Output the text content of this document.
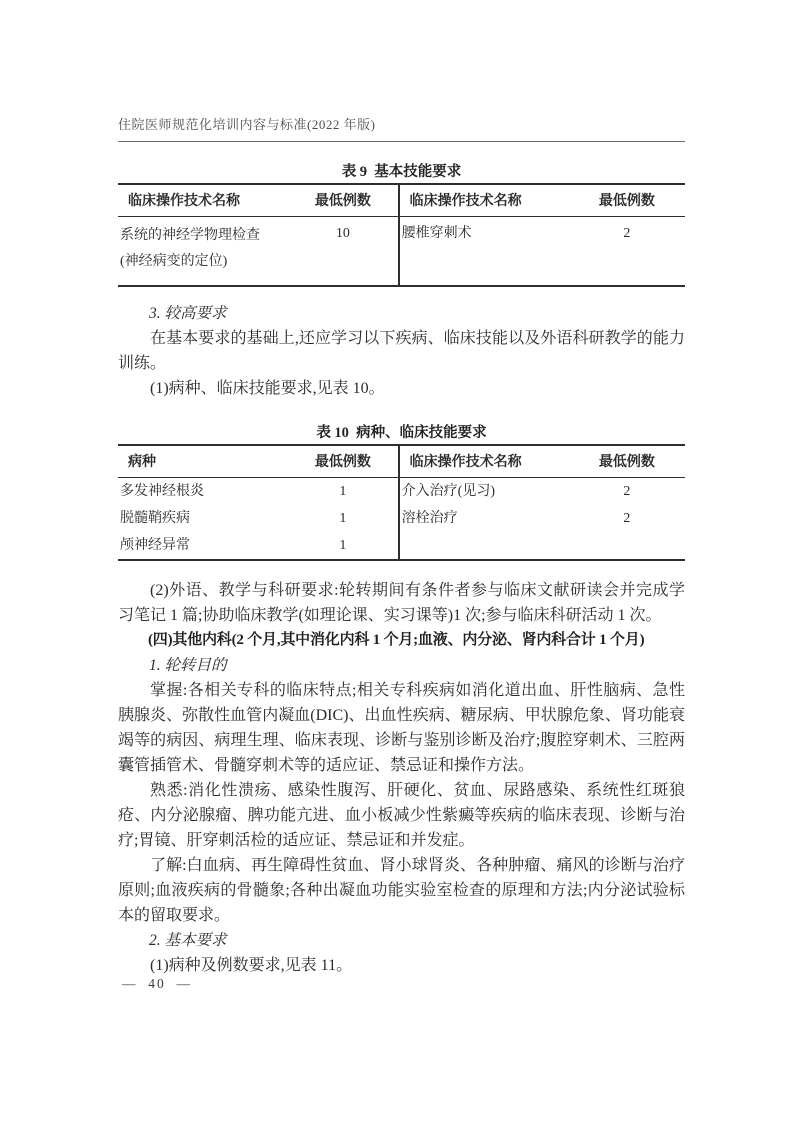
住院医师规范化培训内容与标准(2022 年版)
表 9  基本技能要求
临床操作技术名称	最低例数	临床操作技术名称	最低例数

系统的神经学物理检查
(神经病变的定位)	10	腰椎穿刺术	2

3. 较高要求

在基本要求的基础上,还应学习以下疾病、临床技能以及外语科研教学的能力训练。

(1)病种、临床技能要求,见表 10。

表 10  病种、临床技能要求
病种	最低例数	临床操作技术名称	最低例数
多发神经根炎	1	介入治疗(见习)	2
脱髓鞘疾病	1	溶栓治疗	2
颅神经异常	1		

(2)外语、教学与科研要求:轮转期间有条件者参与临床文献研读会并完成学习笔记 1 篇;协助临床教学(如理论课、实习课等)1 次;参与临床科研活动 1 次。

(四)其他内科(2 个月,其中消化内科 1 个月;血液、内分泌、肾内科合计 1 个月)

1. 轮转目的

掌握:各相关专科的临床特点;相关专科疾病如消化道出血、肝性脑病、急性胰腺炎、弥散性血管内凝血(DIC)、出血性疾病、糖尿病、甲状腺危象、肾功能衰竭等的病因、病理生理、临床表现、诊断与鉴别诊断及治疗;腹腔穿刺术、三腔两囊管插管术、骨髓穿刺术等的适应证、禁忌证和操作方法。

熟悉:消化性溃疡、感染性腹泻、肝硬化、贫血、尿路感染、系统性红斑狼疮、内分泌腺瘤、脾功能亢进、血小板减少性紫癜等疾病的临床表现、诊断与治疗;胃镜、肝穿刺活检的适应证、禁忌证和并发症。

了解:白血病、再生障碍性贫血、肾小球肾炎、各种肿瘤、痛风的诊断与治疗原则;血液疾病的骨髓象;各种出凝血功能实验室检查的原理和方法;内分泌试验标本的留取要求。

2. 基本要求

(1)病种及例数要求,见表 11。

—  40  —
